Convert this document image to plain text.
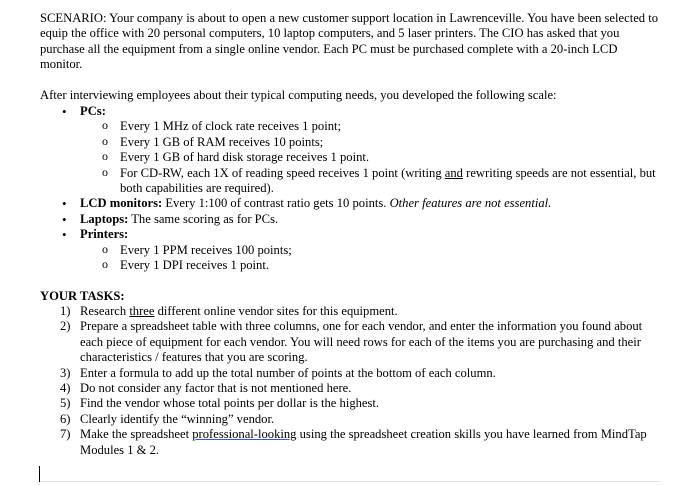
SCENARIO: Your company is about to open a new customer support location in Lawrenceville. You have been selected to equip the office with 20 personal computers, 10 laptop computers, and 5 laser printers. The CIO has asked that you purchase all the equipment from a single online vendor. Each PC must be purchased complete with a 20-inch LCD monitor.

After interviewing employees about their typical computing needs, you developed the following scale:

• PCs:
o Every 1 MHz of clock rate receives 1 point;
o Every 1 GB of RAM receives 10 points;
o Every 1 GB of hard disk storage receives 1 point.
o For CD-RW, each 1X of reading speed receives 1 point (writing and rewriting speeds are not essential, but both capabilities are required).
• LCD monitors: Every 1:100 of contrast ratio gets 10 points. Other features are not essential.
• Laptops: The same scoring as for PCs.
• Printers:
o Every 1 PPM receives 100 points;
o Every 1 DPI receives 1 point.

YOUR TASKS:

1) Research three different online vendor sites for this equipment.
2) Prepare a spreadsheet table with three columns, one for each vendor, and enter the information you found about each piece of equipment for each vendor. You will need rows for each of the items you are purchasing and their characteristics / features that you are scoring.
3) Enter a formula to add up the total number of points at the bottom of each column.
4) Do not consider any factor that is not mentioned here.
5) Find the vendor whose total points per dollar is the highest.
6) Clearly identify the “winning” vendor.
7) Make the spreadsheet professional-looking using the spreadsheet creation skills you have learned from MindTap Modules 1 & 2.
